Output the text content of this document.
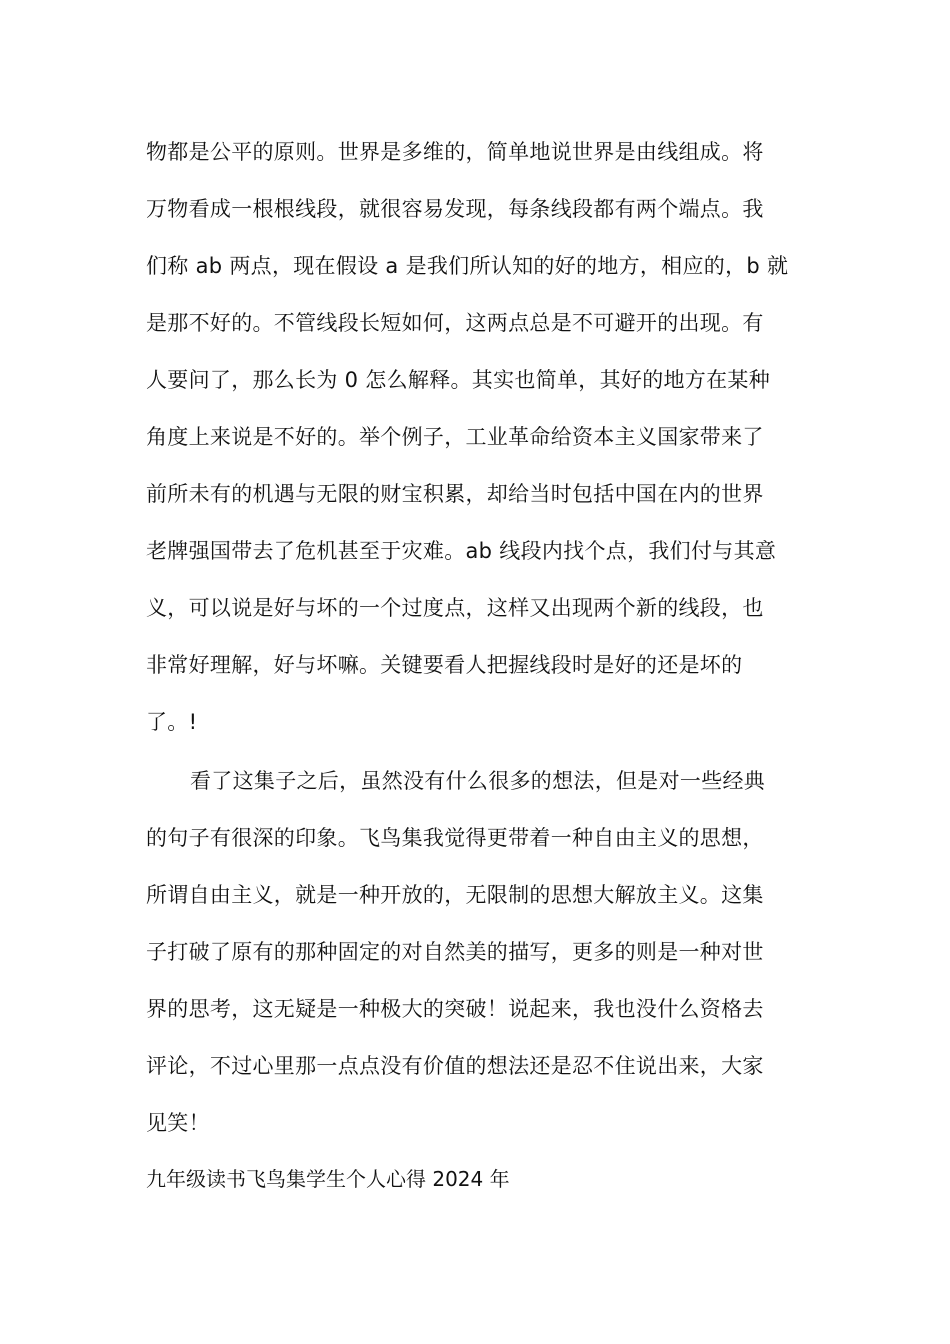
物都是公平的原则。世界是多维的，简单地说世界是由线组成。将
万物看成一根根线段，就很容易发现，每条线段都有两个端点。我
们称 ab 两点，现在假设 a 是我们所认知的好的地方，相应的，b 就
是那不好的。不管线段长短如何，这两点总是不可避开的出现。有
人要问了，那么长为 0 怎么解释。其实也简单，其好的地方在某种
角度上来说是不好的。举个例子，工业革命给资本主义国家带来了
前所未有的机遇与无限的财宝积累，却给当时包括中国在内的世界
老牌强国带去了危机甚至于灾难。ab 线段内找个点，我们付与其意
义，可以说是好与坏的一个过度点，这样又出现两个新的线段，也
非常好理解，好与坏嘛。关键要看人把握线段时是好的还是坏的
了。!
看了这集子之后，虽然没有什么很多的想法，但是对一些经典
的句子有很深的印象。飞鸟集我觉得更带着一种自由主义的思想，
所谓自由主义，就是一种开放的，无限制的思想大解放主义。这集
子打破了原有的那种固定的对自然美的描写，更多的则是一种对世
界的思考，这无疑是一种极大的突破！说起来，我也没什么资格去
评论，不过心里那一点点没有价值的想法还是忍不住说出来，大家
见笑！
九年级读书飞鸟集学生个人心得 2024 年
